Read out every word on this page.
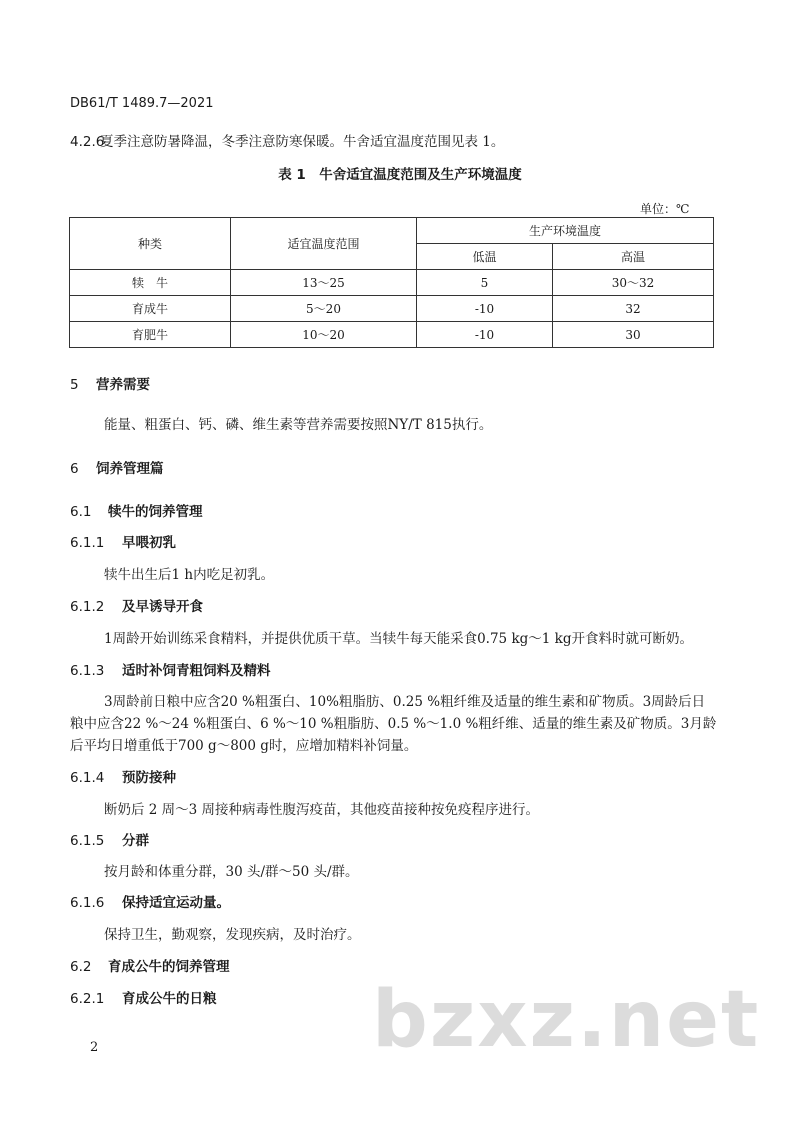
DB61/T 1489.7—2021
4.2.6夏季注意防暑降温，冬季注意防寒保暖。牛舍适宜温度范围见表 1。
表 1　牛舍适宜温度范围及生产环境温度
单位：℃
种类	适宜温度范围	生产环境温度	
		低温	高温
犊　牛	13～25	5	30～32
育成牛	5～20	-10	32
育肥牛	10～20	-10	30
5 营养需要
能量、粗蛋白、钙、磷、维生素等营养需要按照NY/T 815执行。
6 饲养管理篇
6.1 犊牛的饲养管理
6.1.1 早喂初乳
犊牛出生后1 h内吃足初乳。
6.1.2 及早诱导开食
1周龄开始训练采食精料，并提供优质干草。当犊牛每天能采食0.75 kg～1 kg开食料时就可断奶。
6.1.3 适时补饲青粗饲料及精料
3周龄前日粮中应含20 %粗蛋白、10%粗脂肪、0.25 %粗纤维及适量的维生素和矿物质。3周龄后日
粮中应含22 %～24 %粗蛋白、6 %～10 %粗脂肪、0.5 %～1.0 %粗纤维、适量的维生素及矿物质。3月龄
后平均日增重低于700 g～800 g时，应增加精料补饲量。
6.1.4 预防接种
断奶后 2 周～3 周接种病毒性腹泻疫苗，其他疫苗接种按免疫程序进行。
6.1.5 分群
按月龄和体重分群，30 头/群～50 头/群。
6.1.6 保持适宜运动量。
保持卫生，勤观察，发现疾病，及时治疗。
6.2 育成公牛的饲养管理
6.2.1 育成公牛的日粮 bzxz.net
2
